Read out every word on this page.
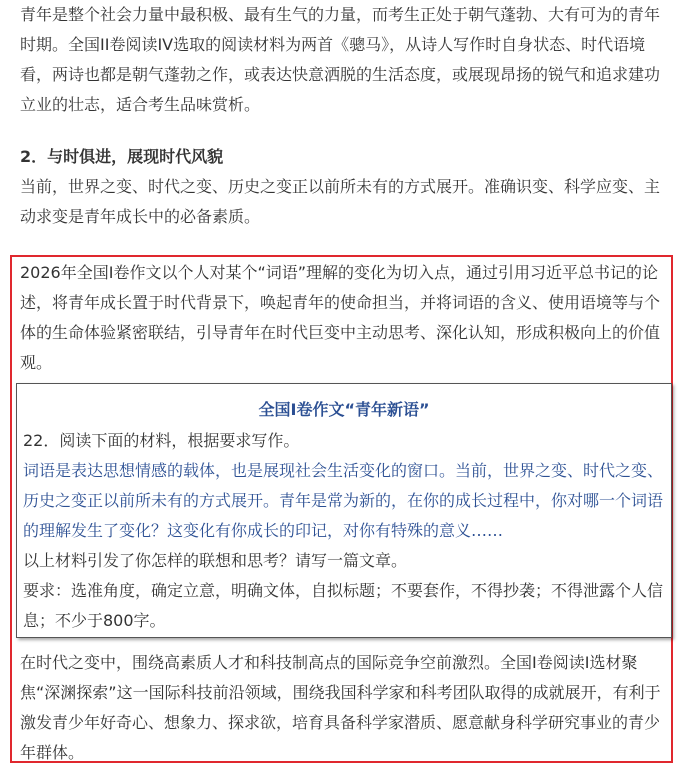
青年是整个社会力量中最积极、最有生气的力量，而考生正处于朝气蓬勃、大有可为的青年时期。全国II卷阅读IV选取的阅读材料为两首《骢马》，从诗人写作时自身状态、时代语境看，两诗也都是朝气蓬勃之作，或表达快意洒脱的生活态度，或展现昂扬的锐气和追求建功立业的壮志，适合考生品味赏析。

2．与时俱进，展现时代风貌

当前，世界之变、时代之变、历史之变正以前所未有的方式展开。准确识变、科学应变、主动求变是青年成长中的必备素质。

2026年全国I卷作文以个人对某个“词语”理解的变化为切入点，通过引用习近平总书记的论述，将青年成长置于时代背景下，唤起青年的使命担当，并将词语的含义、使用语境等与个体的生命体验紧密联结，引导青年在时代巨变中主动思考、深化认知，形成积极向上的价值观。

全国I卷作文“青年新语”

22．阅读下面的材料，根据要求写作。

词语是表达思想情感的载体，也是展现社会生活变化的窗口。当前，世界之变、时代之变、历史之变正以前所未有的方式展开。青年是常为新的，在你的成长过程中，你对哪一个词语的理解发生了变化？这变化有你成长的印记，对你有特殊的意义……

以上材料引发了你怎样的联想和思考？请写一篇文章。

要求：选准角度，确定立意，明确文体，自拟标题；不要套作，不得抄袭；不得泄露个人信息；不少于800字。

在时代之变中，围绕高素质人才和科技制高点的国际竞争空前激烈。全国I卷阅读I选材聚焦“深渊探索”这一国际科技前沿领域，围绕我国科学家和科考团队取得的成就展开，有利于激发青少年好奇心、想象力、探求欲，培育具备科学家潜质、愿意献身科学研究事业的青少年群体。
